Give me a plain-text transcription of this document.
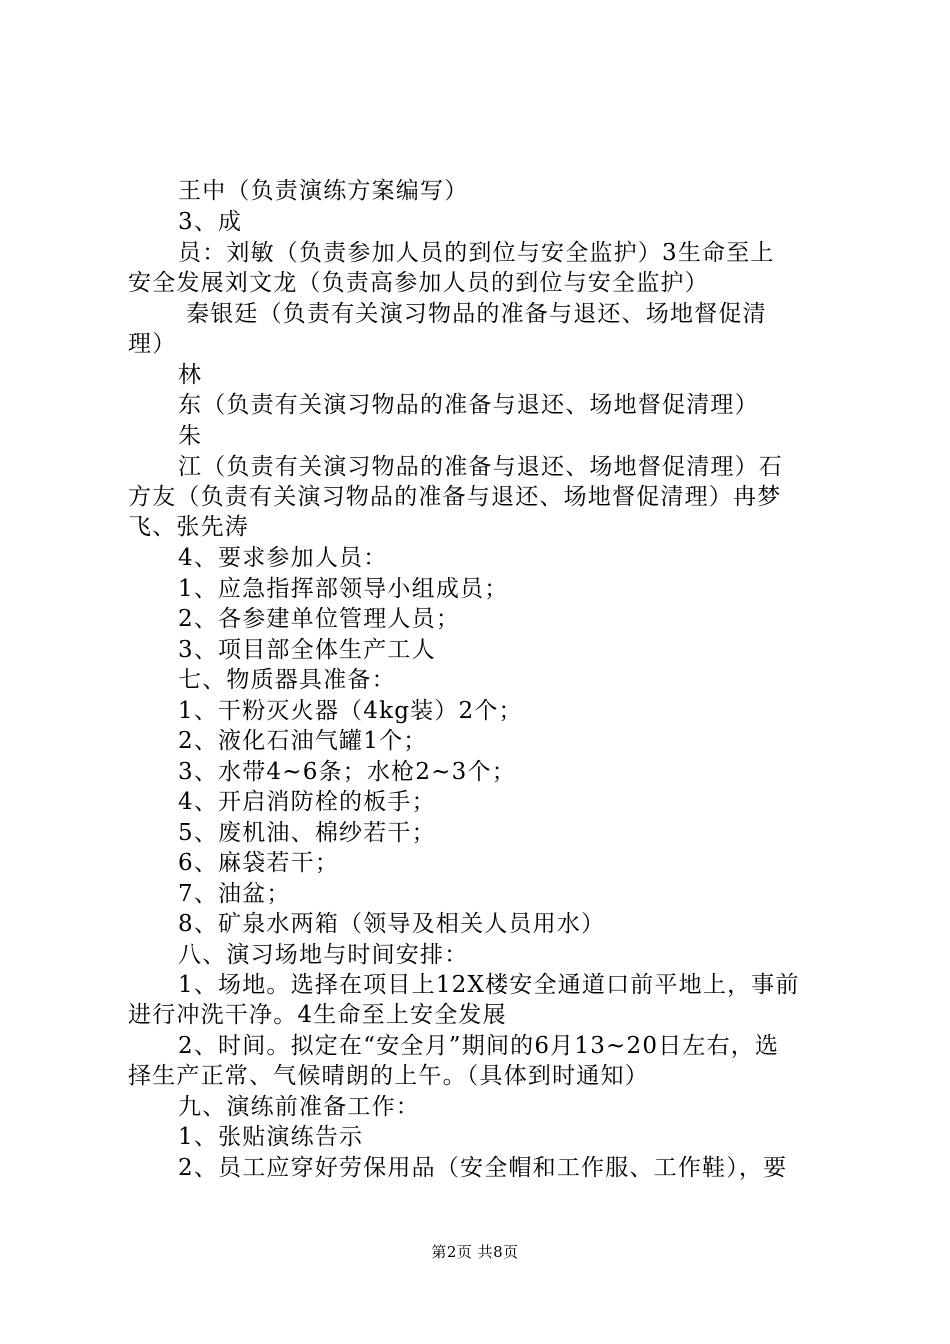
王中（负责演练方案编写）
3、成
员：刘敏（负责参加人员的到位与安全监护）3生命至上
安全发展刘文龙（负责高参加人员的到位与安全监护）
秦银廷（负责有关演习物品的准备与退还、场地督促清
理）
林
东（负责有关演习物品的准备与退还、场地督促清理）
朱
江（负责有关演习物品的准备与退还、场地督促清理）石
方友（负责有关演习物品的准备与退还、场地督促清理）冉梦
飞、张先涛
4、要求参加人员：
1、应急指挥部领导小组成员；
2、各参建单位管理人员；
3、项目部全体生产工人
七、物质器具准备：
1、干粉灭火器（4kg装）2个；
2、液化石油气罐1个；
3、水带4~6条；水枪2~3个；
4、开启消防栓的板手；
5、废机油、棉纱若干；
6、麻袋若干；
7、油盆；
8、矿泉水两箱（领导及相关人员用水）
八、演习场地与时间安排：
1、场地。选择在项目上12X楼安全通道口前平地上，事前
进行冲洗干净。4生命至上安全发展
2、时间。拟定在“安全月”期间的6月13~20日左右，选
择生产正常、气候晴朗的上午。（具体到时通知）
九、演练前准备工作：
1、张贴演练告示
2、员工应穿好劳保用品（安全帽和工作服、工作鞋），要
第2页 共8页
